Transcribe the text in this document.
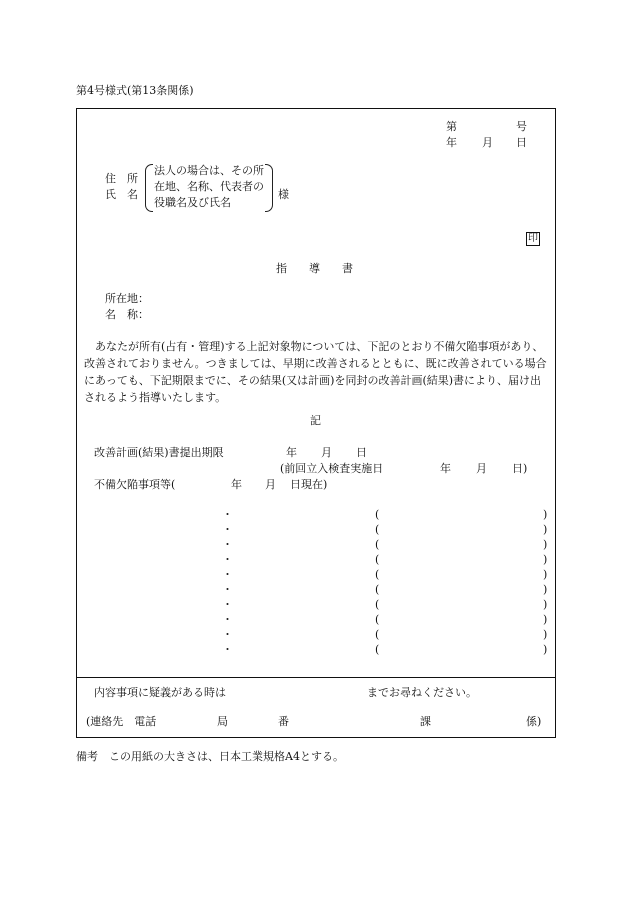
第4号様式(第13条関係)
第	号
年 月 日
住　所
氏　名
法人の場合は、その所
在地、名称、代表者の
役職名及び氏名
様
印
指　　導　　書
所在地：
名　称：
あなたが所有(占有・管理)する上記対象物については、下記のとおり不備欠陥事項があり、改善されておりません。つきましては、早期に改善されるとともに、既に改善されている場合にあっても、下記期限までに、その結果(又は計画)を同封の改善計画(結果)書により、届け出されるよう指導いたします。
記
改善計画(結果)書提出期限	年 月 日
(前回立入検査実施日	年 月 日)
不備欠陥事項等(	年 月 日現在)
・	(	)
・	(	)
・	(	)
・	(	)
・	(	)
・	(	)
・	(	)
・	(	)
・	(	)
・	(	)
内容事項に疑義がある時は	までお尋ねください。
(連絡先　電話	局	番	課	係)
備考　この用紙の大きさは、日本工業規格A4とする。
